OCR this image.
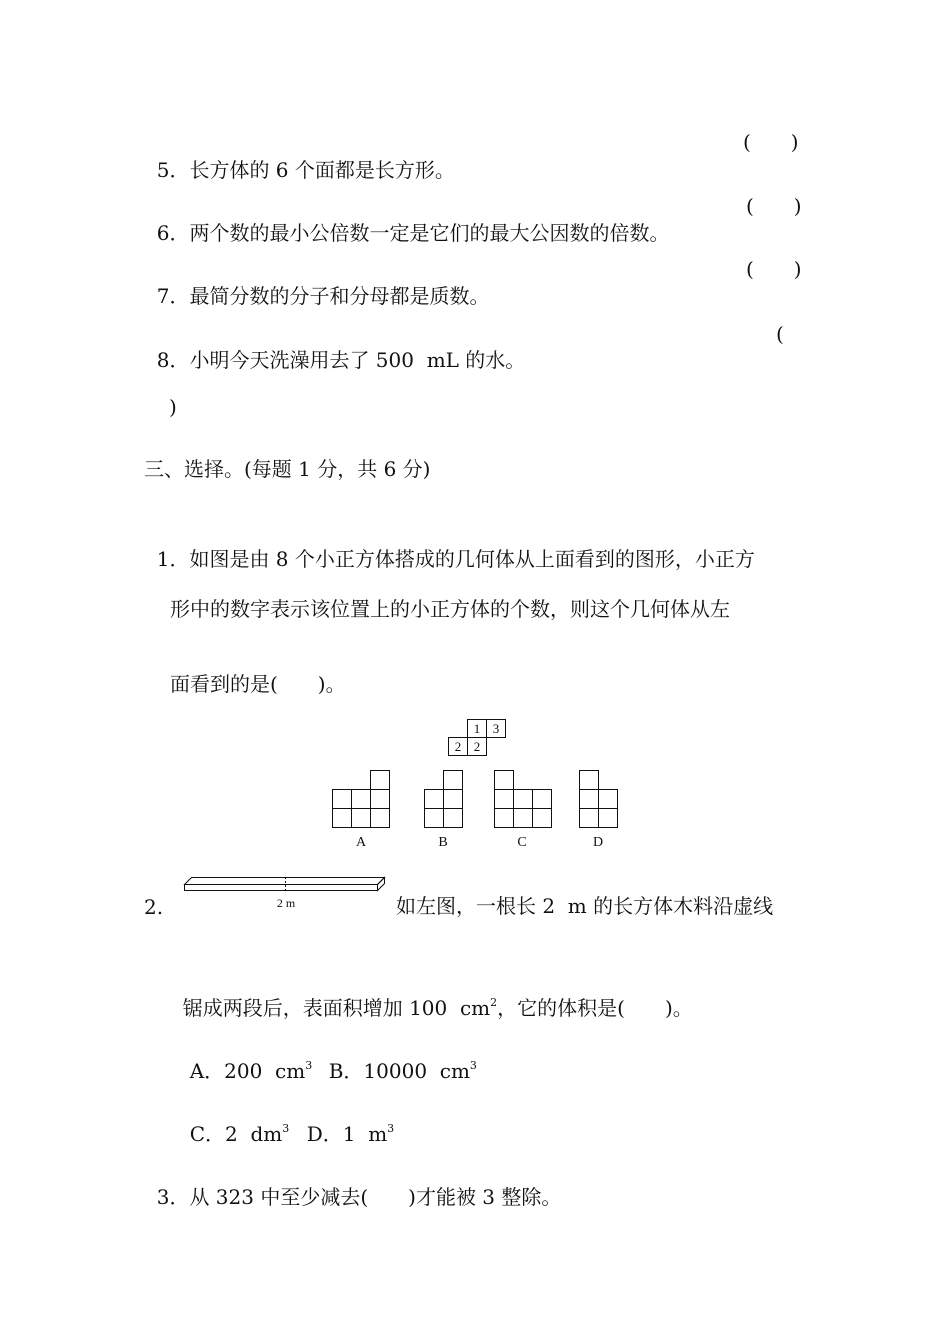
5．长方体的 6 个面都是长方形。

(　　)

6．两个数的最小公倍数一定是它们的最大公因数的倍数。

(　　)

7．最简分数的分子和分母都是质数。

(　　)

8．小明今天洗澡用去了 500  mL 的水。

(
)
三、选择。(每题 1 分，共 6 分)

1．如图是由 8 个小正方体搭成的几何体从上面看到的图形，小正方

形中的数字表示该位置上的小正方体的个数，则这个几何体从左
面看到的是(　　)。
1 3
2 2
A	B	C	D
2.	2 m	如左图，一根长 2  m 的长方体木料沿虚线

锯成两段后，表面积增加 100  $cm^2$，它的体积是(　　)。

A．200  $cm^3$ B．10000  $cm^3$

C．2  $dm^3$ D．1  $m^3$

3．从 323 中至少减去(　　)才能被 3 整除。
